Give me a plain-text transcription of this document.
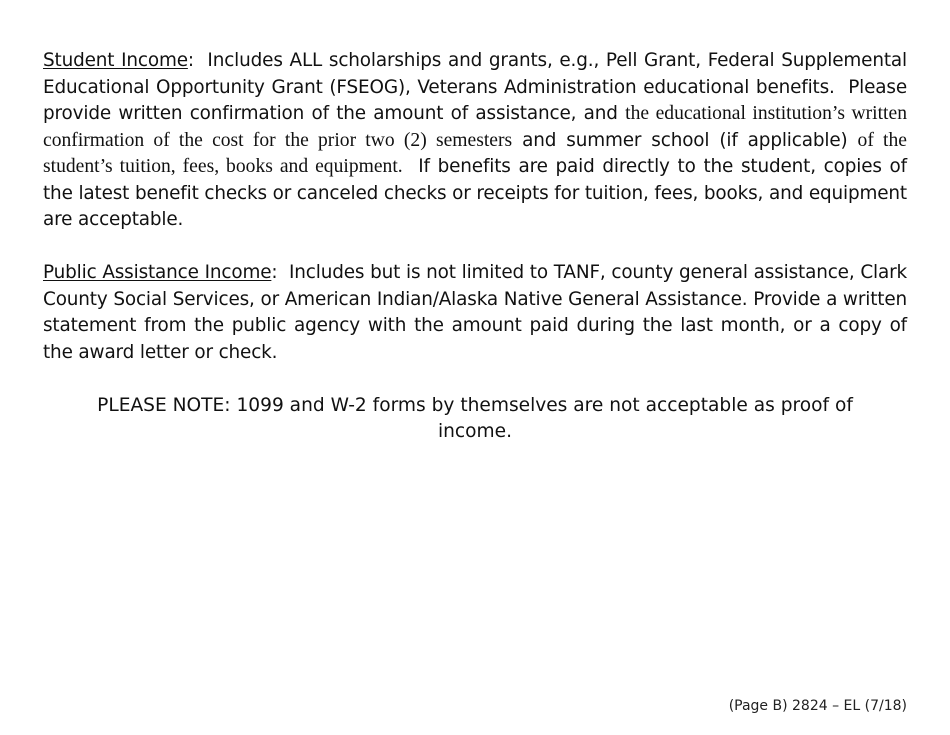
Student Income:  Includes ALL scholarships and grants, e.g., Pell Grant, Federal Supplemental Educational Opportunity Grant (FSEOG), Veterans Administration educational benefits.  Please provide written confirmation of the amount of assistance, and the educational institution’s written confirmation of the cost for the prior two (2) semesters and summer school (if applicable) of the student’s tuition, fees, books and equipment.  If benefits are paid directly to the student, copies of the latest benefit checks or canceled checks or receipts for tuition, fees, books, and equipment are acceptable.

Public Assistance Income:  Includes but is not limited to TANF, county general assistance, Clark County Social Services, or American Indian/Alaska Native General Assistance. Provide a written statement from the public agency with the amount paid during the last month, or a copy of the award letter or check.

PLEASE NOTE: 1099 and W-2 forms by themselves are not acceptable as proof of income.

(Page B) 2824 – EL (7/18)
